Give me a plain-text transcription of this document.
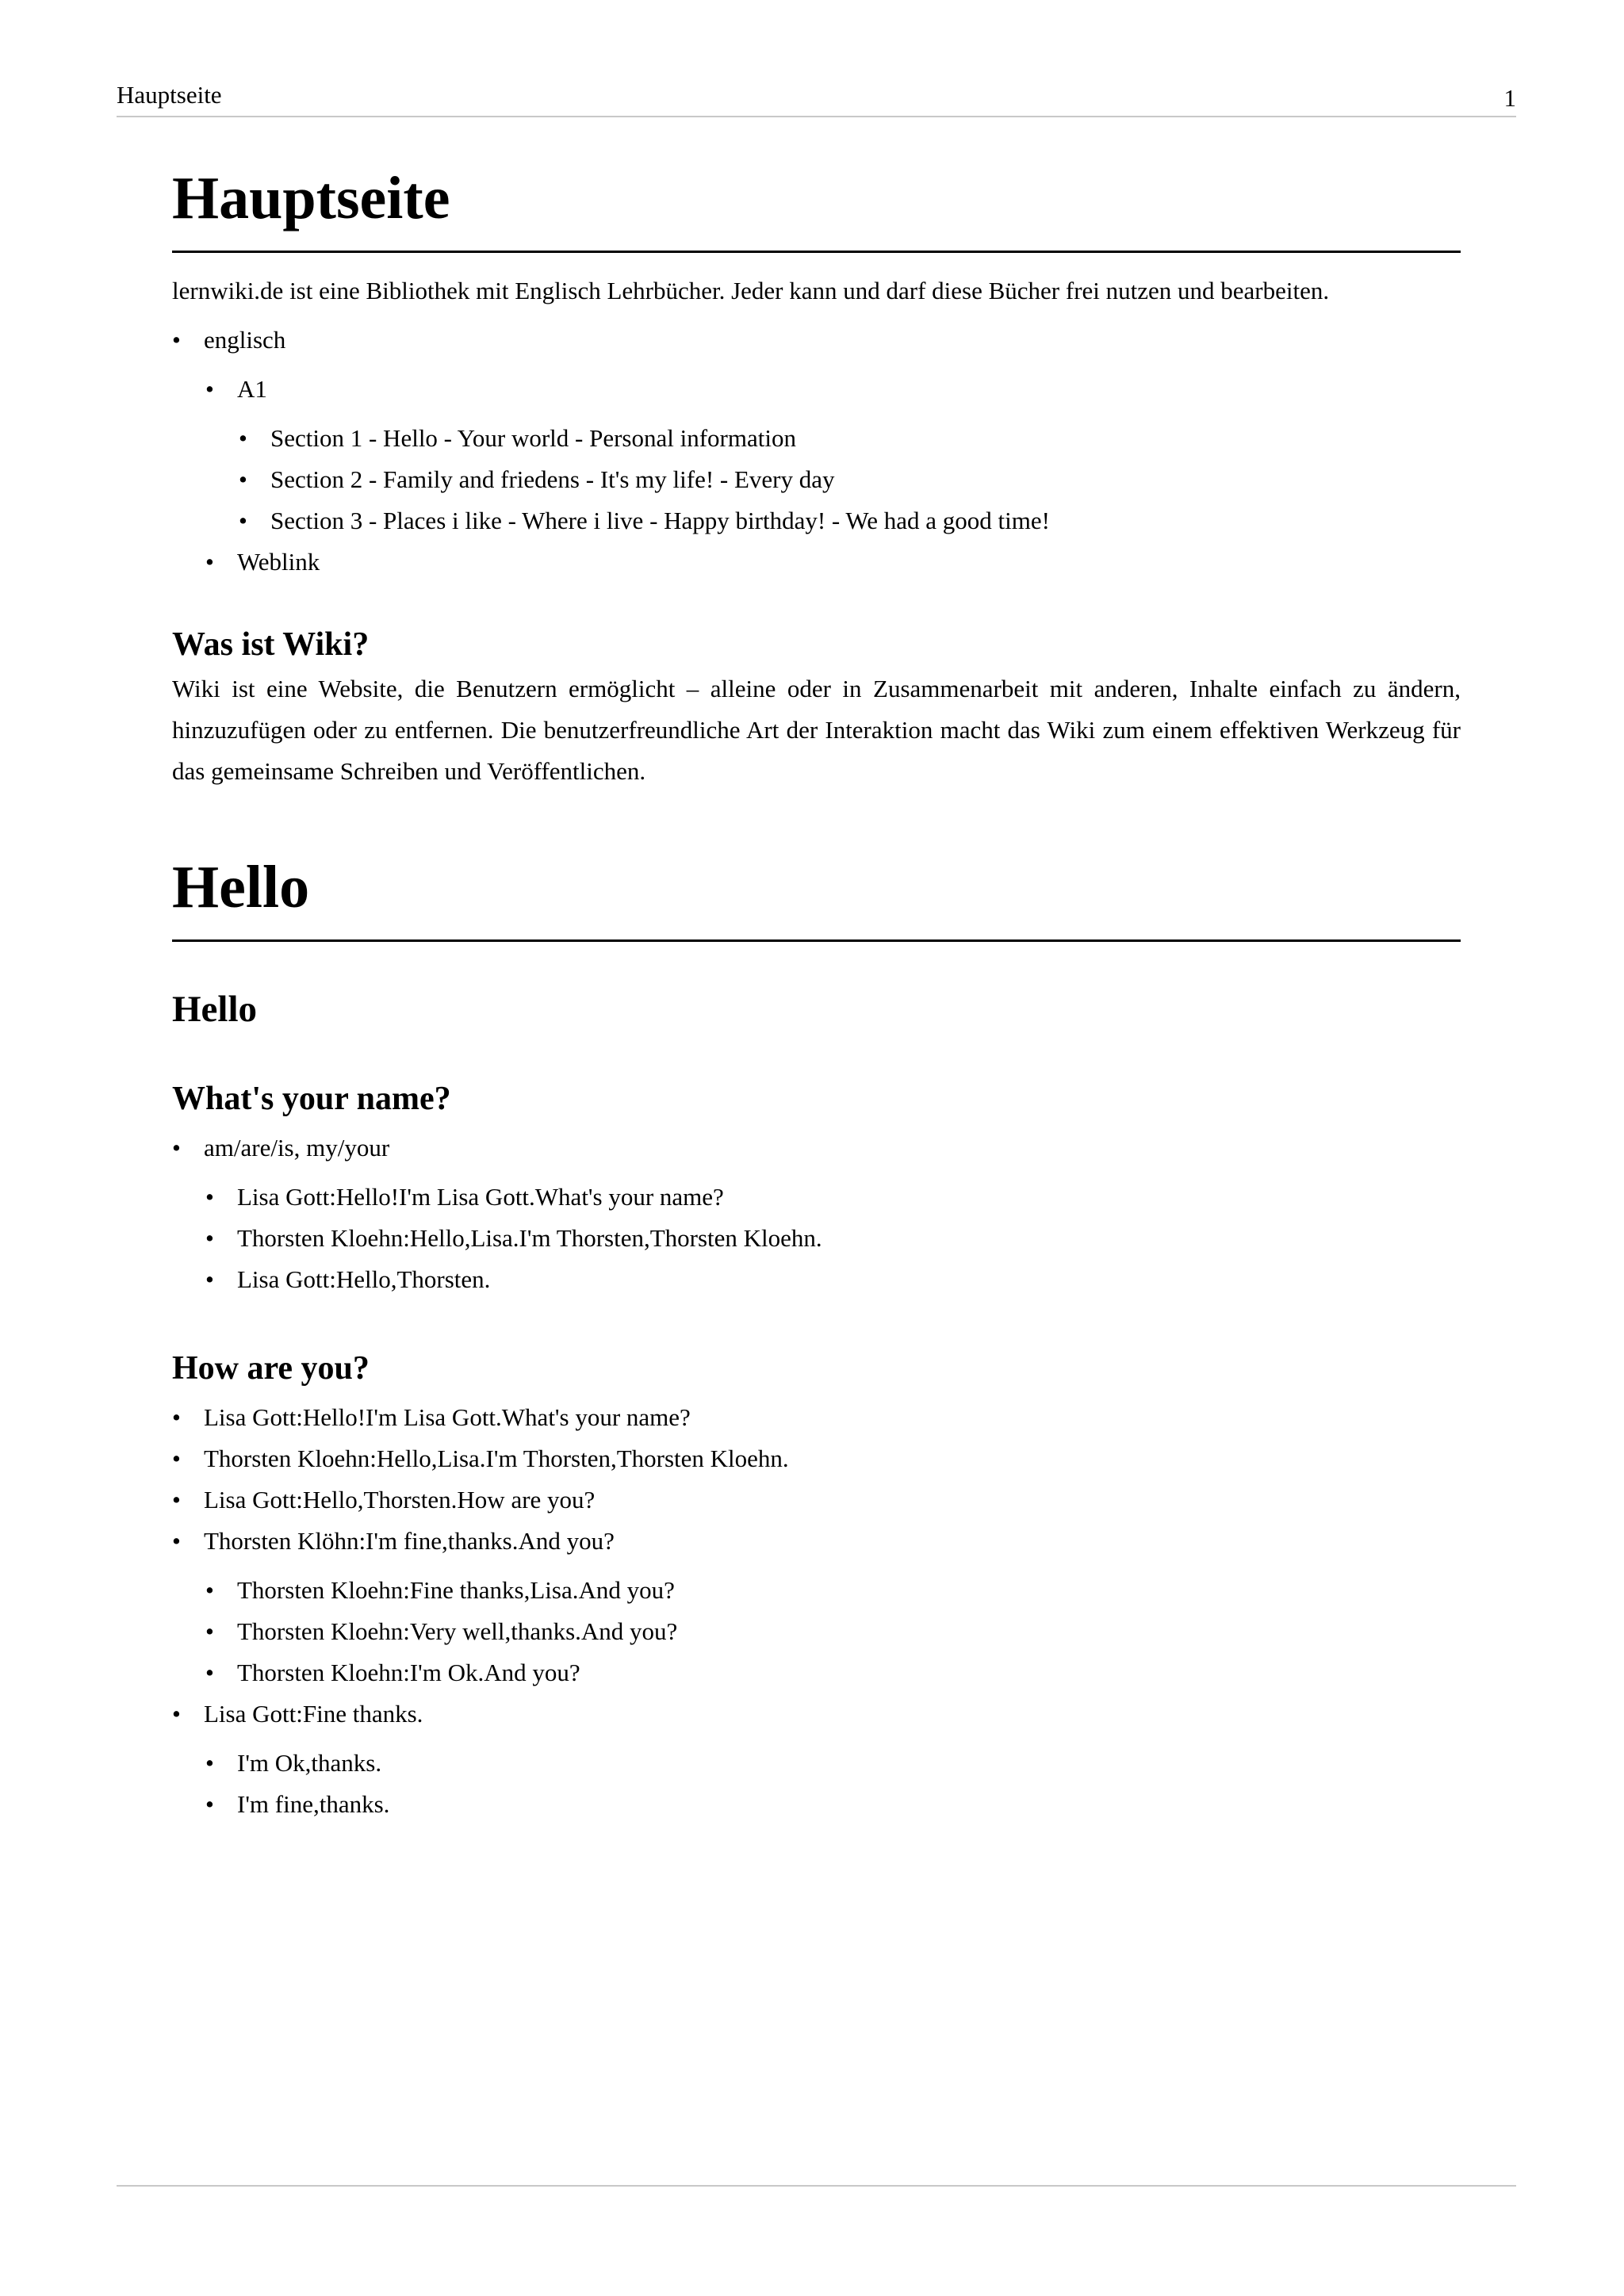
Hauptseite	1
Hauptseite

lernwiki.de ist eine Bibliothek mit Englisch Lehrbücher. Jeder kann und darf diese Bücher frei nutzen und bearbeiten.

• englisch
• A1
• Section 1 - Hello - Your world - Personal information
• Section 2 - Family and friedens - It's my life! - Every day
• Section 3 - Places i like - Where i live - Happy birthday! - We had a good time!
• Weblink
Was ist Wiki?

Wiki ist eine Website, die Benutzern ermöglicht – alleine oder in Zusammenarbeit mit anderen, Inhalte einfach zu ändern, hinzuzufügen oder zu entfernen. Die benutzerfreundliche Art der Interaktion macht das Wiki zum einem effektiven Werkzeug für das gemeinsame Schreiben und Veröffentlichen.

Hello
Hello
What's your name?
• am/are/is, my/your
• Lisa Gott:Hello!I'm Lisa Gott.What's your name?
• Thorsten Kloehn:Hello,Lisa.I'm Thorsten,Thorsten Kloehn.
• Lisa Gott:Hello,Thorsten.
How are you?
• Lisa Gott:Hello!I'm Lisa Gott.What's your name?
• Thorsten Kloehn:Hello,Lisa.I'm Thorsten,Thorsten Kloehn.
• Lisa Gott:Hello,Thorsten.How are you?
• Thorsten Klöhn:I'm fine,thanks.And you?
• Thorsten Kloehn:Fine thanks,Lisa.And you?
• Thorsten Kloehn:Very well,thanks.And you?
• Thorsten Kloehn:I'm Ok.And you?
• Lisa Gott:Fine thanks.
• I'm Ok,thanks.
• I'm fine,thanks.
